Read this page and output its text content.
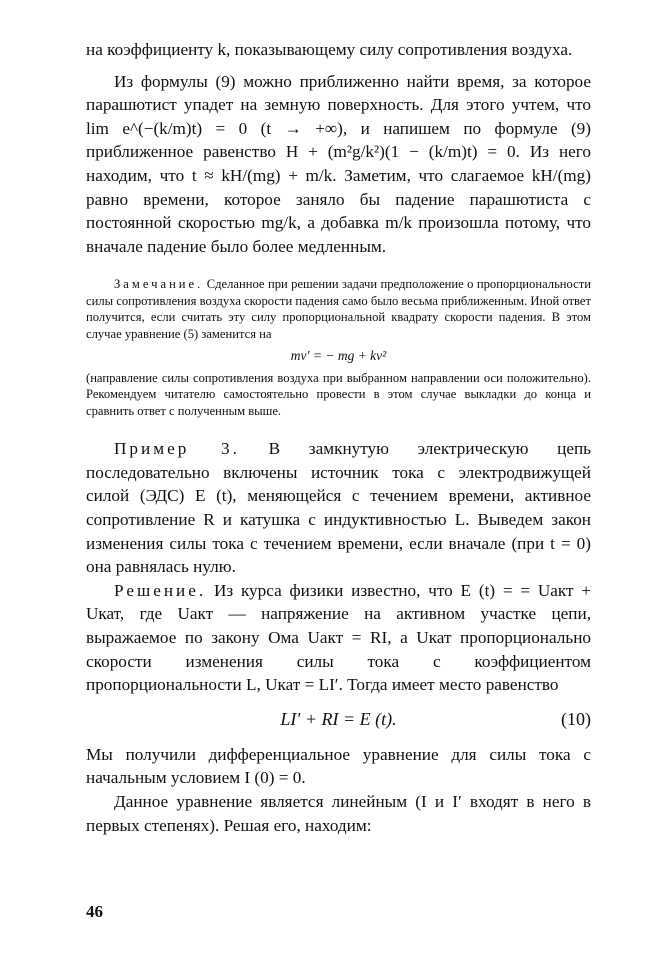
на коэффициенту k, показывающему силу сопротивления воздуха.

Из формулы (9) можно приближенно найти время, за которое парашютист упадет на земную поверхность. Для этого учтем, что lim e^(−(k/m)t) = 0 (t → +∞), и напишем по формуле (9) приближенное равенство H + (m²g/k²)(1 − (k/m)t) = 0. Из него находим, что t ≈ kH/(mg) + m/k. Заметим, что слагаемое kH/(mg) равно времени, которое заняло бы падение парашютиста с постоянной скоростью mg/k, а добавка m/k произошла потому, что вначале падение было более медленным.

Замечание. Сделанное при решении задачи предположение о пропорциональности силы сопротивления воздуха скорости падения само было весьма приближенным. Иной ответ получится, если считать эту силу пропорциональной квадрату скорости падения. В этом случае уравнение (5) заменится на

mv′ = − mg + kv²

(направление силы сопротивления воздуха при выбранном направлении оси положительно). Рекомендуем читателю самостоятельно провести в этом случае выкладки до конца и сравнить ответ с полученным выше.

Пример 3. В замкнутую электрическую цепь последовательно включены источник тока с электродвижущей силой (ЭДС) E (t), меняющейся с течением времени, активное сопротивление R и катушка с индуктивностью L. Выведем закон изменения силы тока с течением времени, если вначале (при t = 0) она равнялась нулю.

Решение. Из курса физики известно, что E (t) = = Uакт + Uкат, где Uакт — напряжение на активном участке цепи, выражаемое по закону Ома Uакт = RI, а Uкат пропорционально скорости изменения силы тока с коэффициентом пропорциональности L, Uкат = LI′. Тогда имеет место равенство

LI′ + RI = E (t).	(10)

Мы получили дифференциальное уравнение для силы тока с начальным условием I (0) = 0.

Данное уравнение является линейным (I и I′ входят в него в первых степенях). Решая его, находим:

46
